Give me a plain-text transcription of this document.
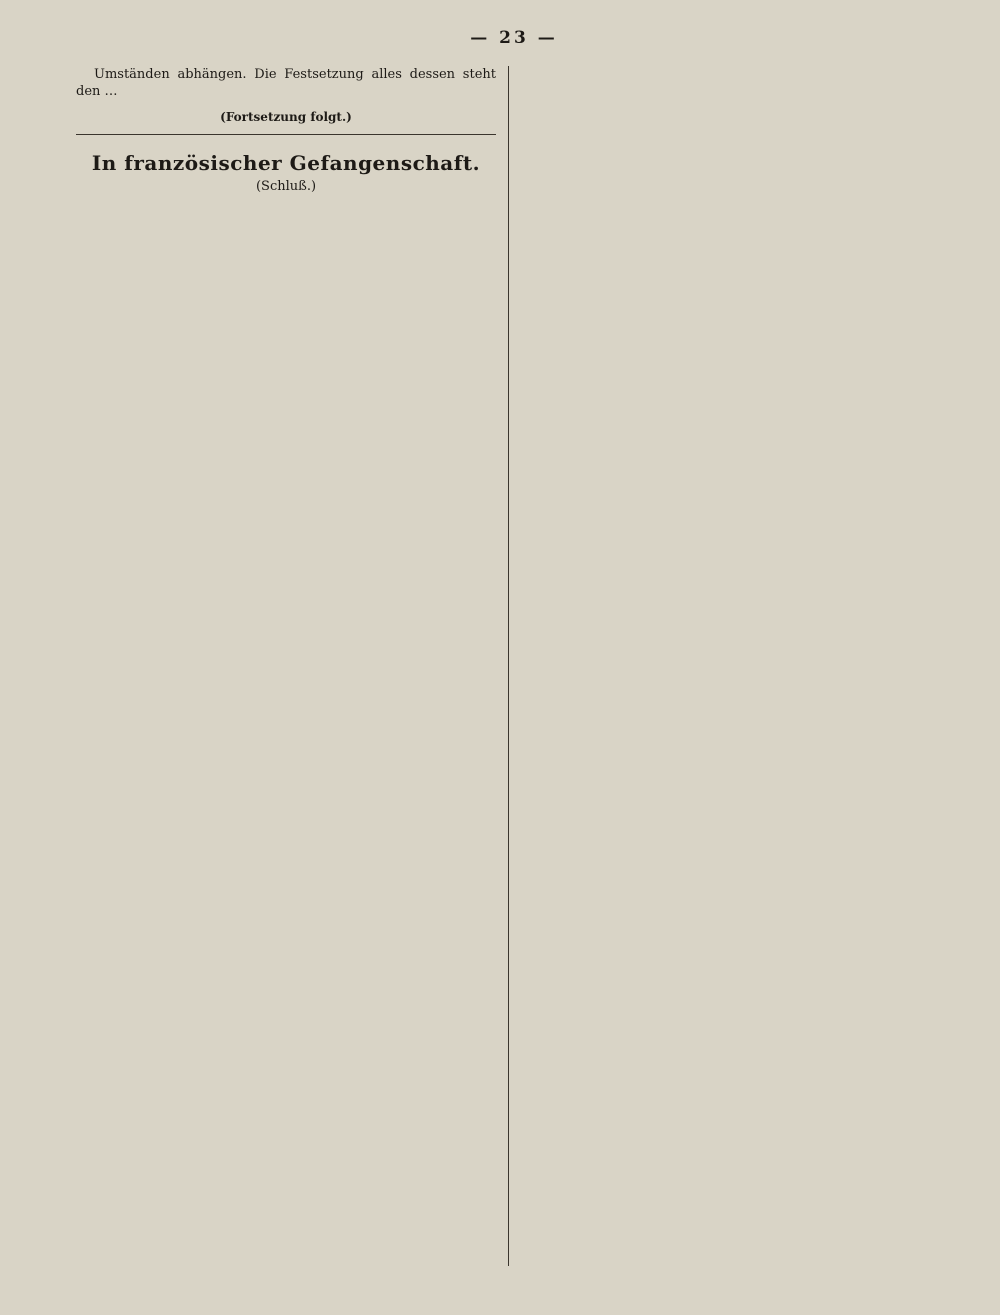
— 23 —

Umständen abhängen. Die Festsetzung alles dessen steht den …

(Fortsetzung folgt.)
In französischer Gefangenschaft.
(Schluß.)
